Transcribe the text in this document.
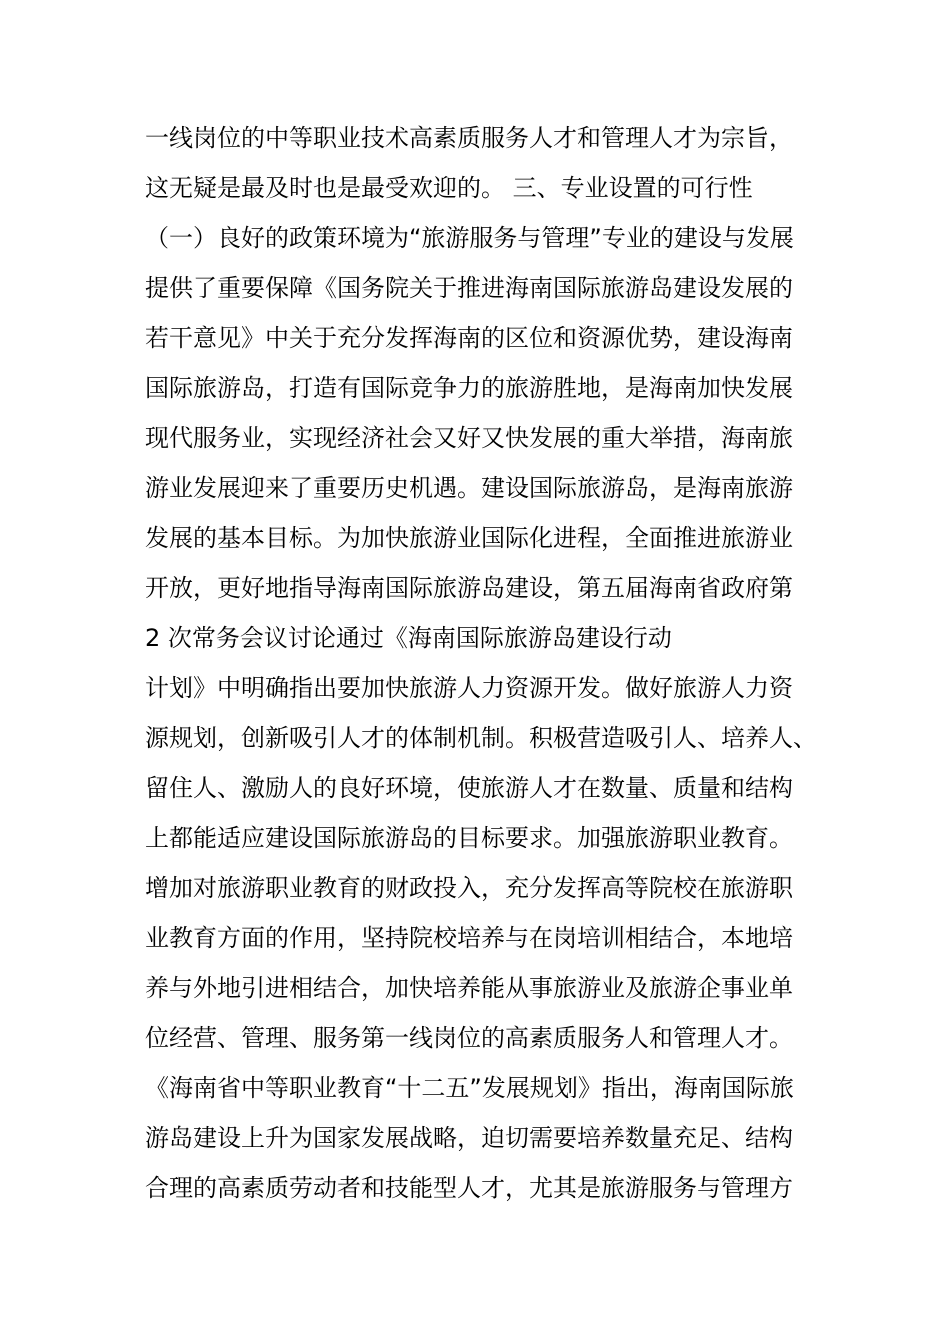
一线岗位的中等职业技术高素质服务人才和管理人才为宗旨，
这无疑是最及时也是最受欢迎的。 三、专业设置的可行性
（一）良好的政策环境为“旅游服务与管理”专业的建设与发展
提供了重要保障《国务院关于推进海南国际旅游岛建设发展的
若干意见》中关于充分发挥海南的区位和资源优势，建设海南
国际旅游岛，打造有国际竞争力的旅游胜地，是海南加快发展
现代服务业，实现经济社会又好又快发展的重大举措，海南旅
游业发展迎来了重要历史机遇。建设国际旅游岛，是海南旅游
发展的基本目标。为加快旅游业国际化进程，全面推进旅游业
开放，更好地指导海南国际旅游岛建设，第五届海南省政府第
2 次常务会议讨论通过《海南国际旅游岛建设行动
计划》中明确指出要加快旅游人力资源开发。做好旅游人力资
源规划，创新吸引人才的体制机制。积极营造吸引人、培养人、
留住人、激励人的良好环境，使旅游人才在数量、质量和结构
上都能适应建设国际旅游岛的目标要求。加强旅游职业教育。
增加对旅游职业教育的财政投入，充分发挥高等院校在旅游职
业教育方面的作用，坚持院校培养与在岗培训相结合，本地培
养与外地引进相结合，加快培养能从事旅游业及旅游企事业单
位经营、管理、服务第一线岗位的高素质服务人和管理人才。
《海南省中等职业教育“十二五”发展规划》指出，海南国际旅
游岛建设上升为国家发展战略，迫切需要培养数量充足、结构
合理的高素质劳动者和技能型人才，尤其是旅游服务与管理方
